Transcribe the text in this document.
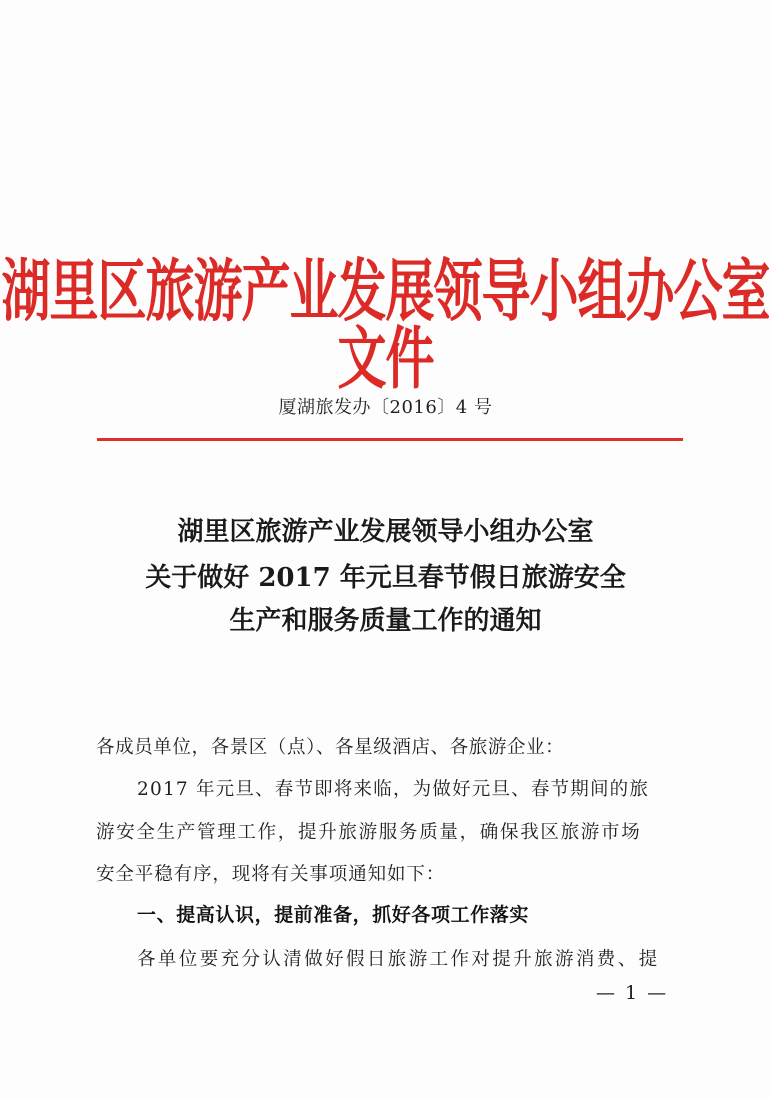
湖里区旅游产业发展领导小组办公室文件
厦湖旅发办〔2016〕4 号
湖里区旅游产业发展领导小组办公室
关于做好 2017 年元旦春节假日旅游安全
生产和服务质量工作的通知
各成员单位，各景区（点）、各星级酒店、各旅游企业：
2017 年元旦、春节即将来临，为做好元旦、春节期间的旅
游安全生产管理工作，提升旅游服务质量，确保我区旅游市场
安全平稳有序，现将有关事项通知如下：
一、提高认识，提前准备，抓好各项工作落实
各单位要充分认清做好假日旅游工作对提升旅游消费、提
— 1 —
